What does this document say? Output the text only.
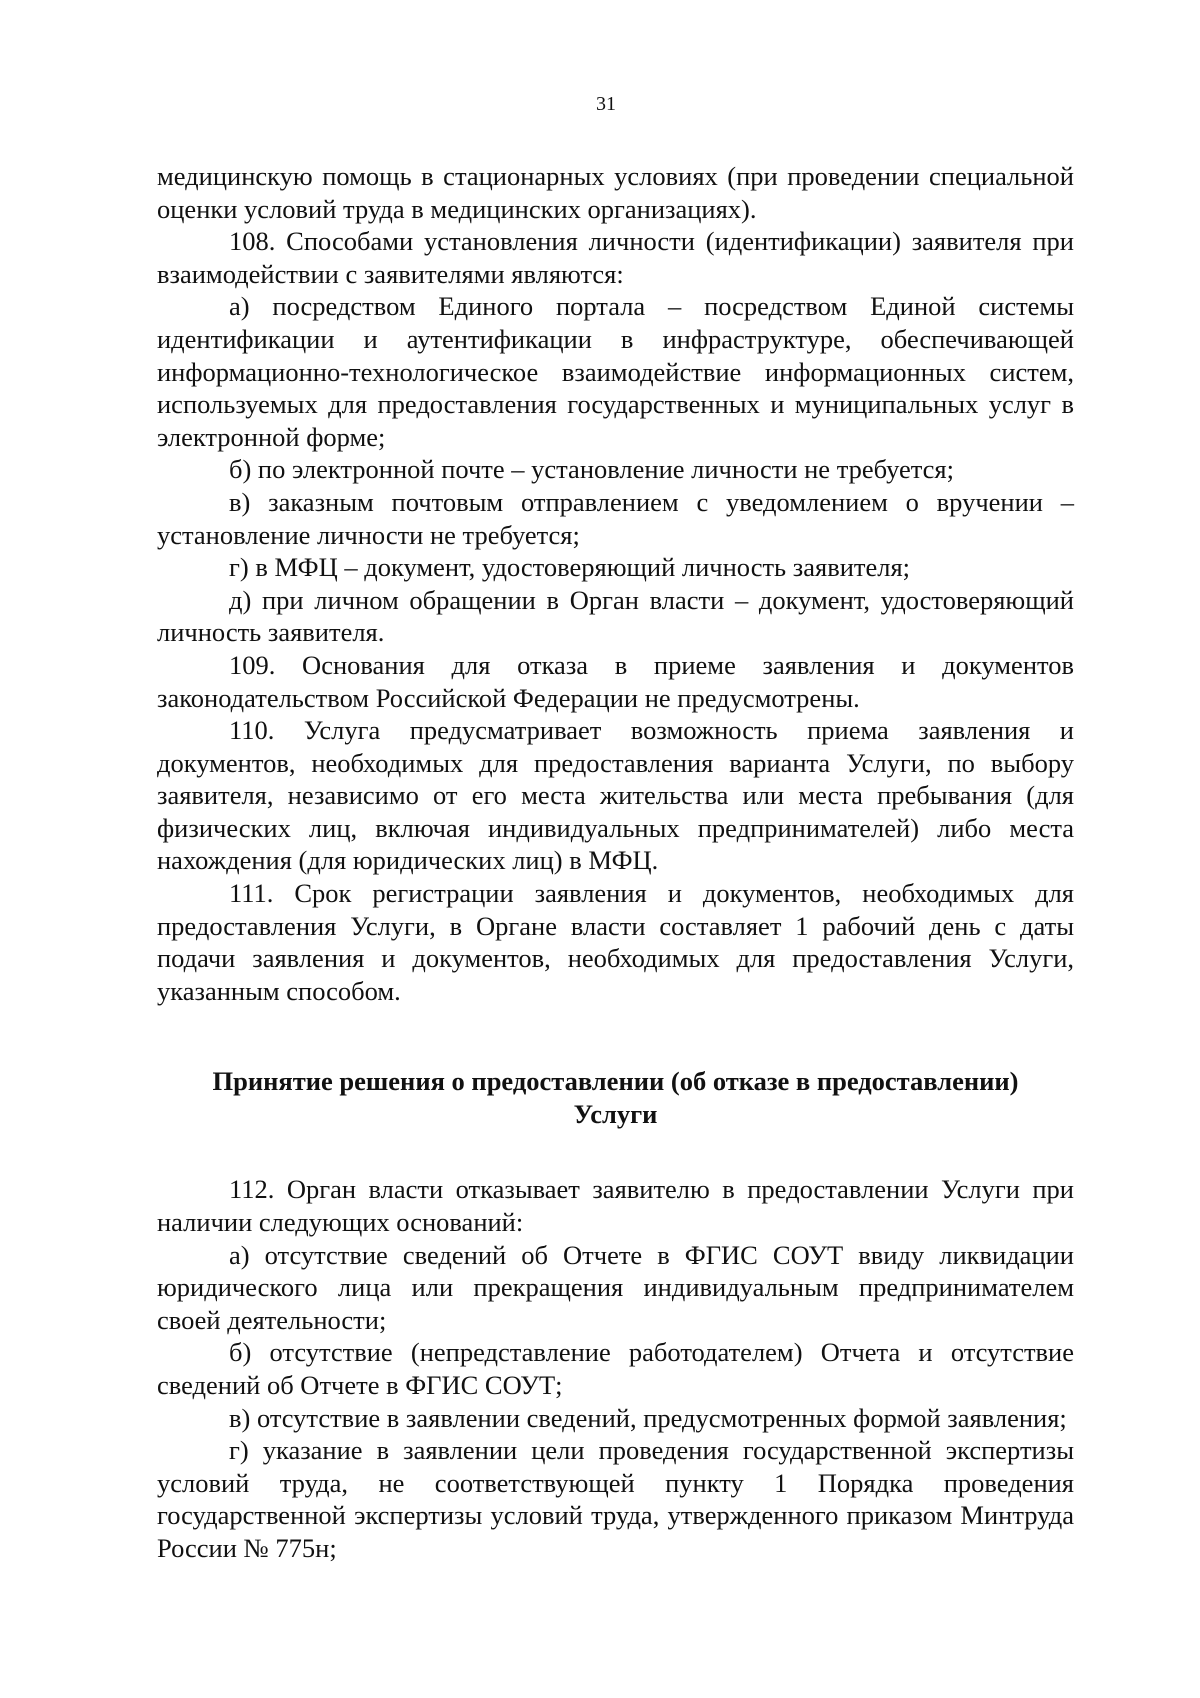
31

медицинскую помощь в стационарных условиях (при проведении специальной оценки условий труда в медицинских организациях).

108. Способами установления личности (идентификации) заявителя при взаимодействии с заявителями являются:

а) посредством Единого портала – посредством Единой системы идентификации и аутентификации в инфраструктуре, обеспечивающей информационно-технологическое взаимодействие информационных систем, используемых для предоставления государственных и муниципальных услуг в электронной форме;

б) по электронной почте – установление личности не требуется;

в) заказным почтовым отправлением с уведомлением о вручении – установление личности не требуется;

г) в МФЦ – документ, удостоверяющий личность заявителя;

д) при личном обращении в Орган власти – документ, удостоверяющий личность заявителя.

109. Основания для отказа в приеме заявления и документов законодательством Российской Федерации не предусмотрены.

110. Услуга предусматривает возможность приема заявления и документов, необходимых для предоставления варианта Услуги, по выбору заявителя, независимо от его места жительства или места пребывания (для физических лиц, включая индивидуальных предпринимателей) либо места нахождения (для юридических лиц) в МФЦ.

111. Срок регистрации заявления и документов, необходимых для предоставления Услуги, в Органе власти составляет 1 рабочий день с даты подачи заявления и документов, необходимых для предоставления Услуги, указанным способом.

Принятие решения о предоставлении (об отказе в предоставлении)
Услуги

112. Орган власти отказывает заявителю в предоставлении Услуги при наличии следующих оснований:

а) отсутствие сведений об Отчете в ФГИС СОУТ ввиду ликвидации юридического лица или прекращения индивидуальным предпринимателем своей деятельности;

б) отсутствие (непредставление работодателем) Отчета и отсутствие сведений об Отчете в ФГИС СОУТ;

в) отсутствие в заявлении сведений, предусмотренных формой заявления;

г) указание в заявлении цели проведения государственной экспертизы условий труда, не соответствующей пункту 1 Порядка проведения государственной экспертизы условий труда, утвержденного приказом Минтруда России № 775н;
